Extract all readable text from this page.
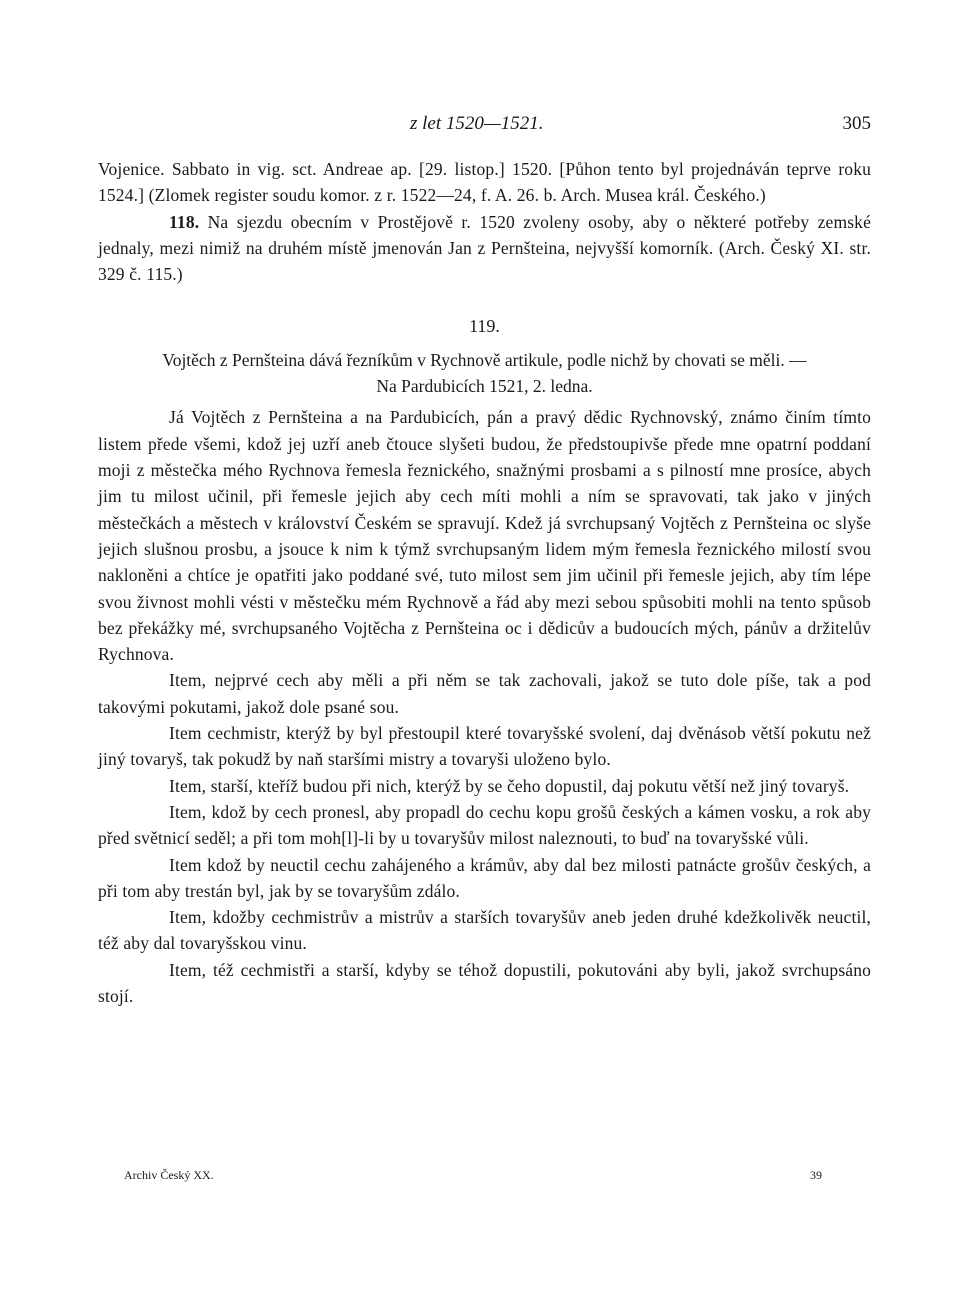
z let 1520—1521.	305

Vojenice. Sabbato in vig. sct. Andreae ap. [29. listop.] 1520. [Půhon tento byl projednáván teprve roku 1524.] (Zlomek register soudu komor. z r. 1522—24, f. A. 26. b. Arch. Musea král. Českého.)

118. Na sjezdu obecním v Prostějově r. 1520 zvoleny osoby, aby o některé potřeby zemské jednaly, mezi nimiž na druhém místě jmenován Jan z Pernšteina, nejvyšší komorník. (Arch. Český XI. str. 329 č. 115.)

119.
Vojtěch z Pernšteina dává řezníkům v Rychnově artikule, podle nichž by chovati se měli. —
Na Pardubicích 1521, 2. ledna.

Já Vojtěch z Pernšteina a na Pardubicích, pán a pravý dědic Rychnovský, známo činím tímto listem přede všemi, kdož jej uzří aneb čtouce slyšeti budou, že předstoupivše přede mne opatrní poddaní moji z městečka mého Rychnova řemesla řeznického, snažnými prosbami a s pilností mne prosíce, abych jim tu milost učinil, při řemesle jejich aby cech míti mohli a ním se spravovati, tak jako v jiných městečkách a městech v království Českém se spravují. Kdež já svrchupsaný Vojtěch z Pernšteina oc slyše jejich slušnou prosbu, a jsouce k nim k týmž svrchupsaným lidem mým řemesla řeznického milostí svou nakloněni a chtíce je opatřiti jako poddané své, tuto milost sem jim učinil při řemesle jejich, aby tím lépe svou živnost mohli vésti v městečku mém Rychnově a řád aby mezi sebou spůsobiti mohli na tento spůsob bez překážky mé, svrchupsaného Vojtěcha z Pernšteina oc i dědicův a budoucích mých, pánův a držitelův Rychnova.

Item, nejprvé cech aby měli a při něm se tak zachovali, jakož se tuto dole píše, tak a pod takovými pokutami, jakož dole psané sou.

Item cechmistr, kterýž by byl přestoupil které tovaryšské svolení, daj dvěnásob větší pokutu než jiný tovaryš, tak pokudž by naň staršími mistry a tovaryši uloženo bylo.

Item, starší, kteříž budou při nich, kterýž by se čeho dopustil, daj pokutu větší než jiný tovaryš.

Item, kdož by cech pronesl, aby propadl do cechu kopu grošů českých a kámen vosku, a rok aby před světnicí seděl; a při tom moh[l]-li by u tovaryšův milost naleznouti, to buď na tovaryšské vůli.

Item kdož by neuctil cechu zahájeného a krámův, aby dal bez milosti patnácte grošův českých, a při tom aby trestán byl, jak by se tovaryšům zdálo.

Item, kdožby cechmistrův a mistrův a starších tovaryšův aneb jeden druhé kdežkolivěk neuctil, též aby dal tovaryšskou vinu.

Item, též cechmistři a starší, kdyby se téhož dopustili, pokutováni aby byli, jakož svrchupsáno stojí.

Archiv Český XX.	39
